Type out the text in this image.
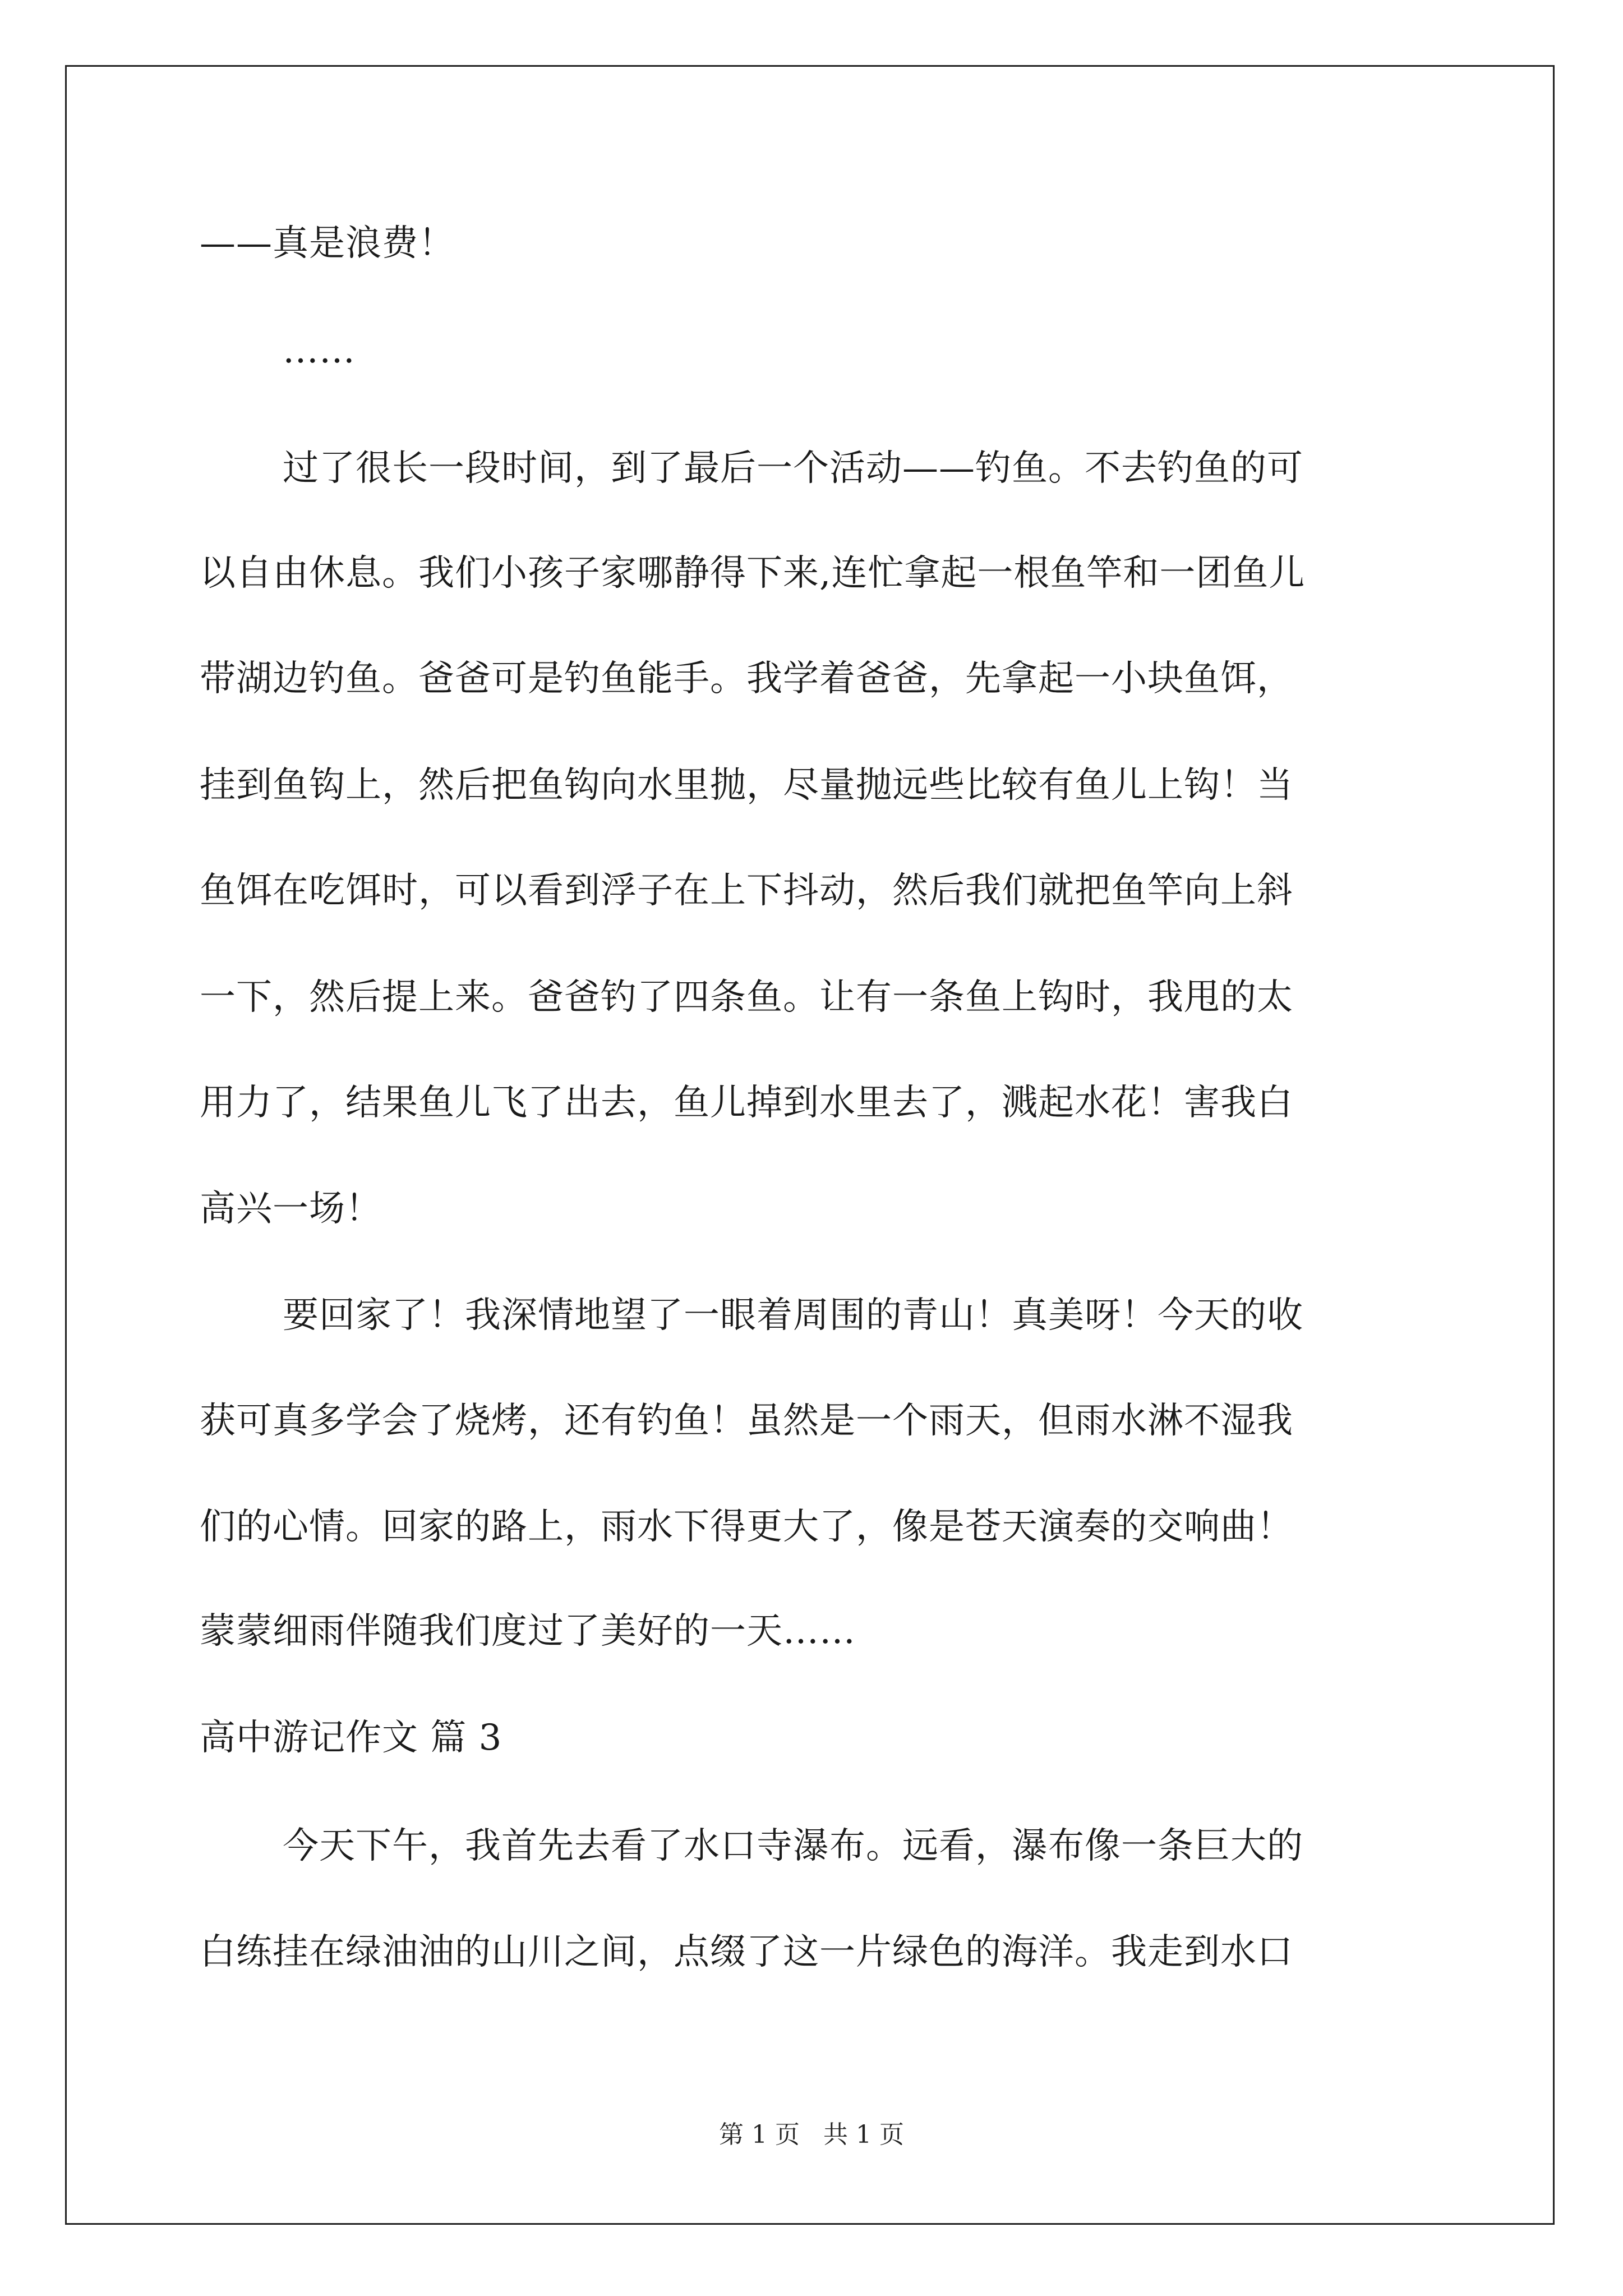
——真是浪费！

……

过了很长一段时间，到了最后一个活动——钓鱼。不去钓鱼的可

以自由休息。我们小孩子家哪静得下来,连忙拿起一根鱼竿和一团鱼儿

带湖边钓鱼。爸爸可是钓鱼能手。我学着爸爸，先拿起一小块鱼饵，

挂到鱼钩上，然后把鱼钩向水里抛，尽量抛远些比较有鱼儿上钩！当

鱼饵在吃饵时，可以看到浮子在上下抖动，然后我们就把鱼竿向上斜

一下，然后提上来。爸爸钓了四条鱼。让有一条鱼上钩时，我甩的太

用力了，结果鱼儿飞了出去，鱼儿掉到水里去了，溅起水花！害我白

高兴一场！

要回家了！我深情地望了一眼着周围的青山！真美呀！今天的收

获可真多学会了烧烤，还有钓鱼！虽然是一个雨天，但雨水淋不湿我

们的心情。回家的路上，雨水下得更大了，像是苍天演奏的交响曲！

蒙蒙细雨伴随我们度过了美好的一天……

高中游记作文 篇 3

今天下午，我首先去看了水口寺瀑布。远看，瀑布像一条巨大的

白练挂在绿油油的山川之间，点缀了这一片绿色的海洋。我走到水口

第 1 页   共 1 页
